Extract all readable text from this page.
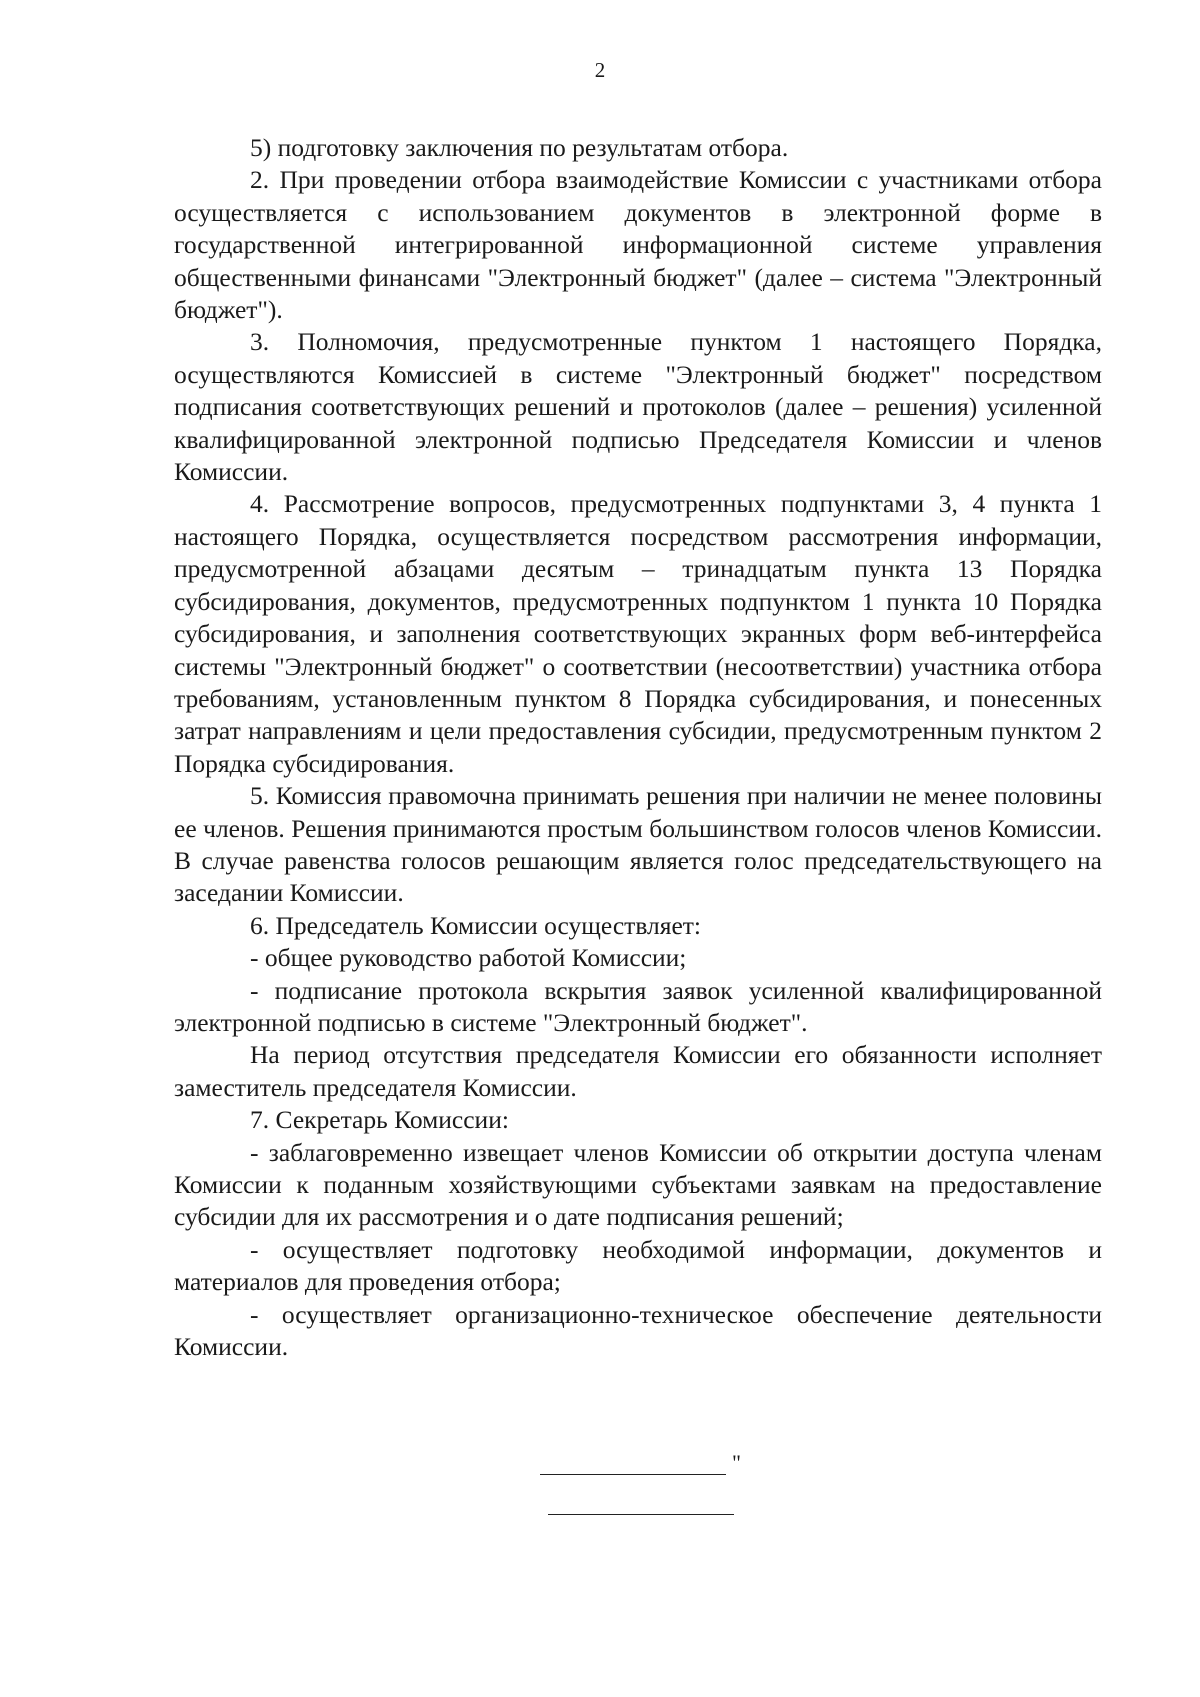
2

5) подготовку заключения по результатам отбора.

2. При проведении отбора взаимодействие Комиссии с участниками отбора осуществляется с использованием документов в электронной форме в государственной интегрированной информационной системе управления общественными финансами "Электронный бюджет" (далее – система "Электронный бюджет").

3. Полномочия, предусмотренные пунктом 1 настоящего Порядка, осуществляются Комиссией в системе "Электронный бюджет" посредством подписания соответствующих решений и протоколов (далее – решения) усиленной квалифицированной электронной подписью Председателя Комиссии и членов Комиссии.

4. Рассмотрение вопросов, предусмотренных подпунктами 3, 4 пункта 1 настоящего Порядка, осуществляется посредством рассмотрения информации, предусмотренной абзацами десятым – тринадцатым пункта 13 Порядка субсидирования, документов, предусмотренных подпунктом 1 пункта 10 Порядка субсидирования, и заполнения соответствующих экранных форм веб-интерфейса системы "Электронный бюджет" о соответствии (несоответствии) участника отбора требованиям, установленным пунктом 8 Порядка субсидирования, и понесенных затрат направлениям и цели предоставления субсидии, предусмотренным пунктом 2 Порядка субсидирования.

5. Комиссия правомочна принимать решения при наличии не менее половины ее членов. Решения принимаются простым большинством голосов членов Комиссии. В случае равенства голосов решающим является голос председательствующего на заседании Комиссии.

6. Председатель Комиссии осуществляет:

- общее руководство работой Комиссии;

- подписание протокола вскрытия заявок усиленной квалифицированной электронной подписью в системе "Электронный бюджет".

На период отсутствия председателя Комиссии его обязанности исполняет заместитель председателя Комиссии.

7. Секретарь Комиссии:

- заблаговременно извещает членов Комиссии об открытии доступа членам Комиссии к поданным хозяйствующими субъектами заявкам на предоставление субсидии для их рассмотрения и о дате подписания решений;

- осуществляет подготовку необходимой информации, документов и материалов для проведения отбора;

- осуществляет организационно-техническое обеспечение деятельности Комиссии.

"
